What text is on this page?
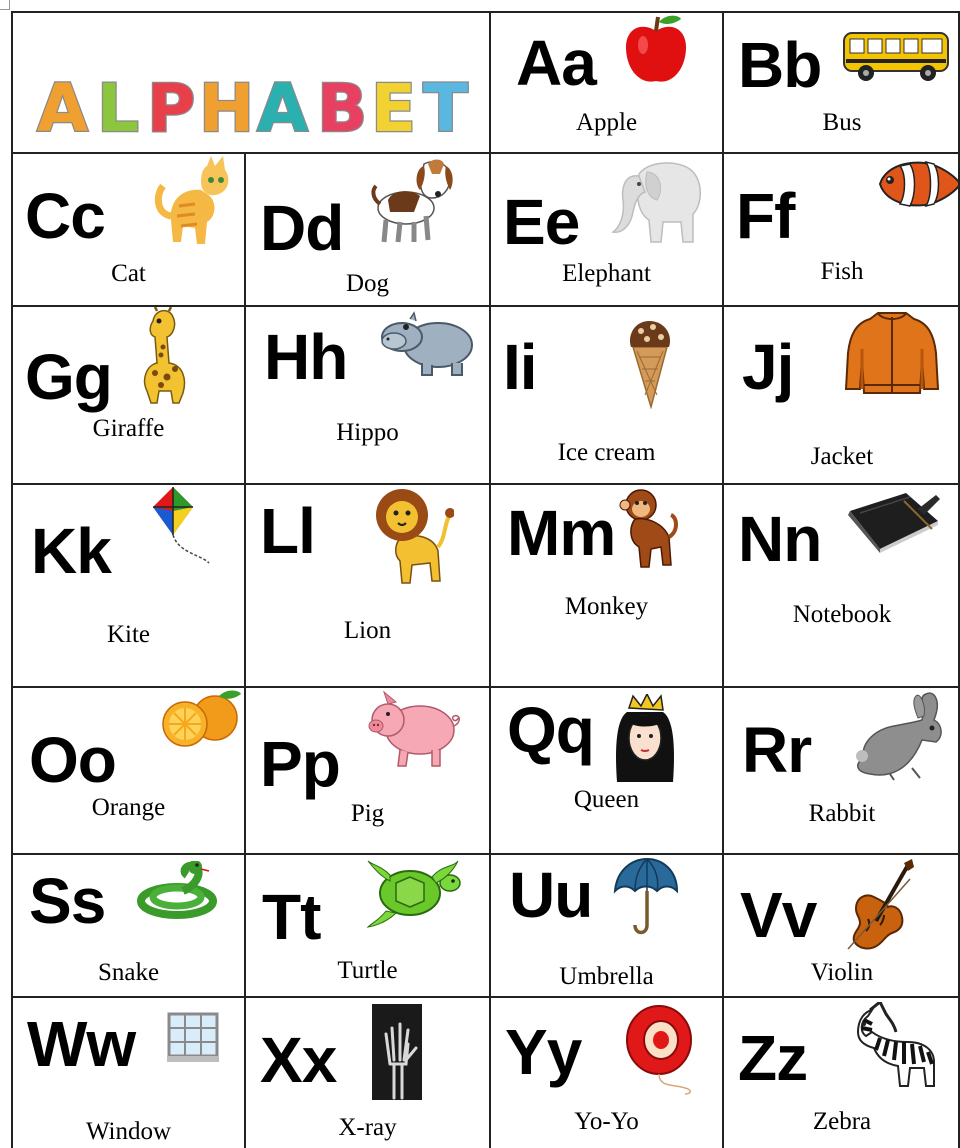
A L P H A B E T
Aa
Apple
Bb
Bus
Cc
Cat
Dd
Dog
Ee
Elephant
Ff
Fish
Gg
Giraffe
Hh
Hippo
Ii
Ice cream
Jj
Jacket
Kk
Kite
Ll
Lion
Mm
Monkey
Nn
Notebook
Oo
Orange
Pp
Pig
Qq
Queen
Rr
Rabbit
Ss
Snake
Tt
Turtle
Uu
Umbrella
Vv
Violin
Ww
Window
Xx
X-ray
Yy
Yo-Yo
Zz
Zebra
